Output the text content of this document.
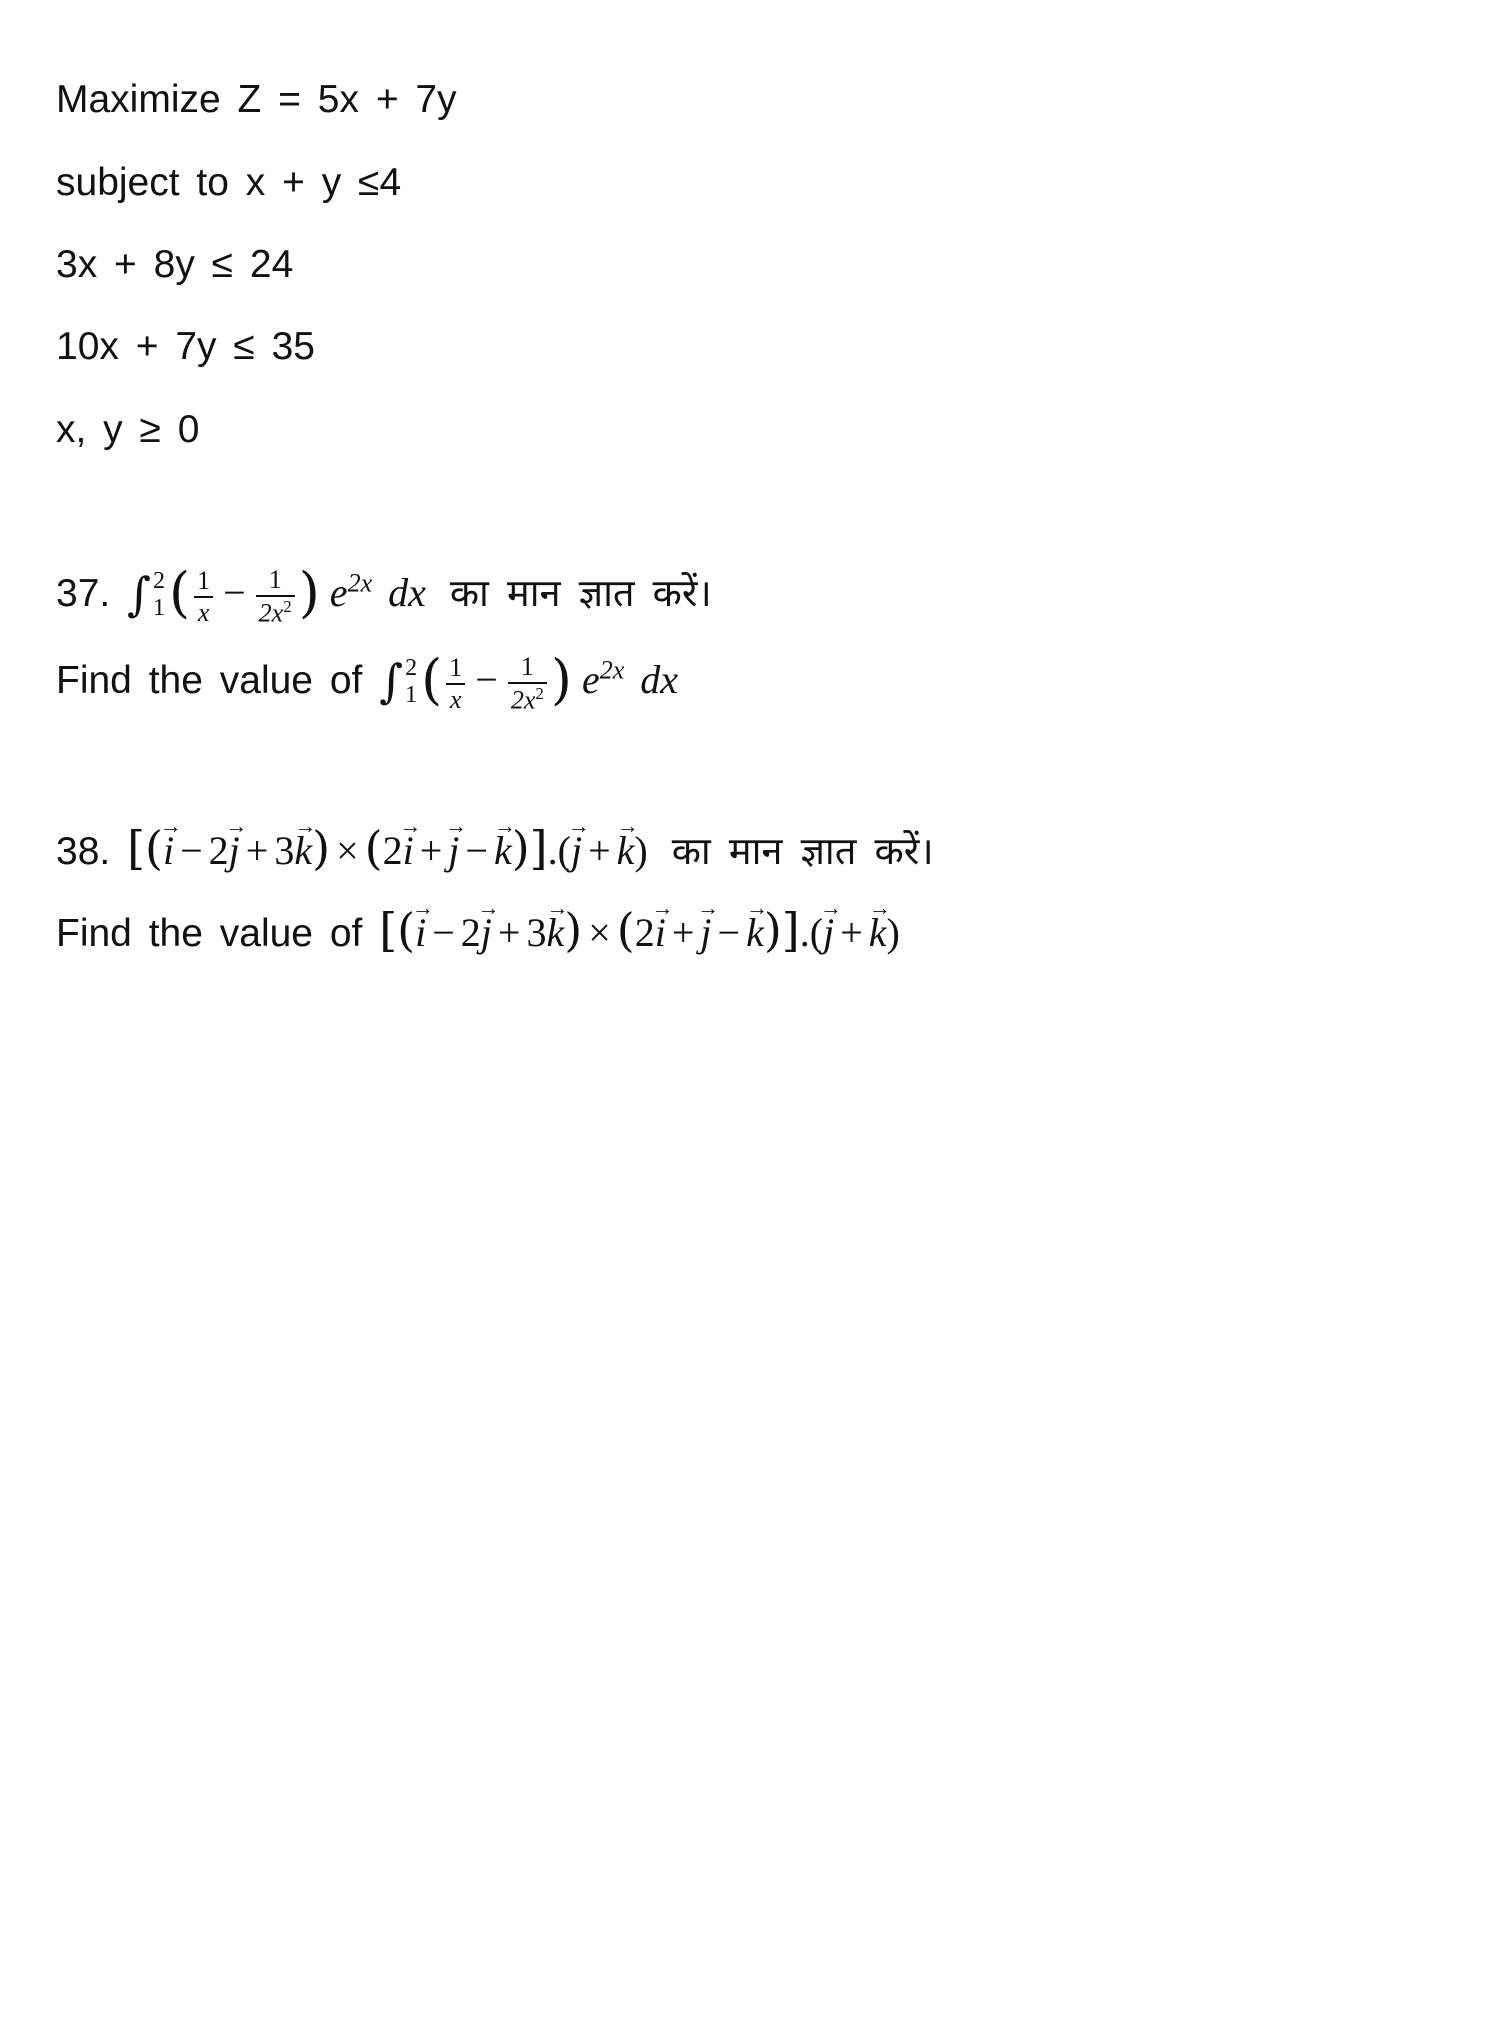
Maximize Z = 5x + 7y
subject to x + y ≤4
3x + 8y ≤ 24
10x + 7y ≤ 35
x, y ≥ 0
37. ∫ 2
1 ( $\frac{1}{x} - \frac{1}{2x^2}$ ) $e^{2x}$ dx का मान ज्ञात करें।
Find the value of ∫ 2
1 ( $\frac{1}{x} - \frac{1}{2x^2}$ ) $e^{2x}$ dx
38. [(→ i − 2→ j + 3→ k) × (2→ i + → j − → k)].(→ j + → k) का मान ज्ञात करें।
Find the value of [(→ i − 2→ j + 3→ k) × (2→ i + → j − → k)].(→ j + → k)
